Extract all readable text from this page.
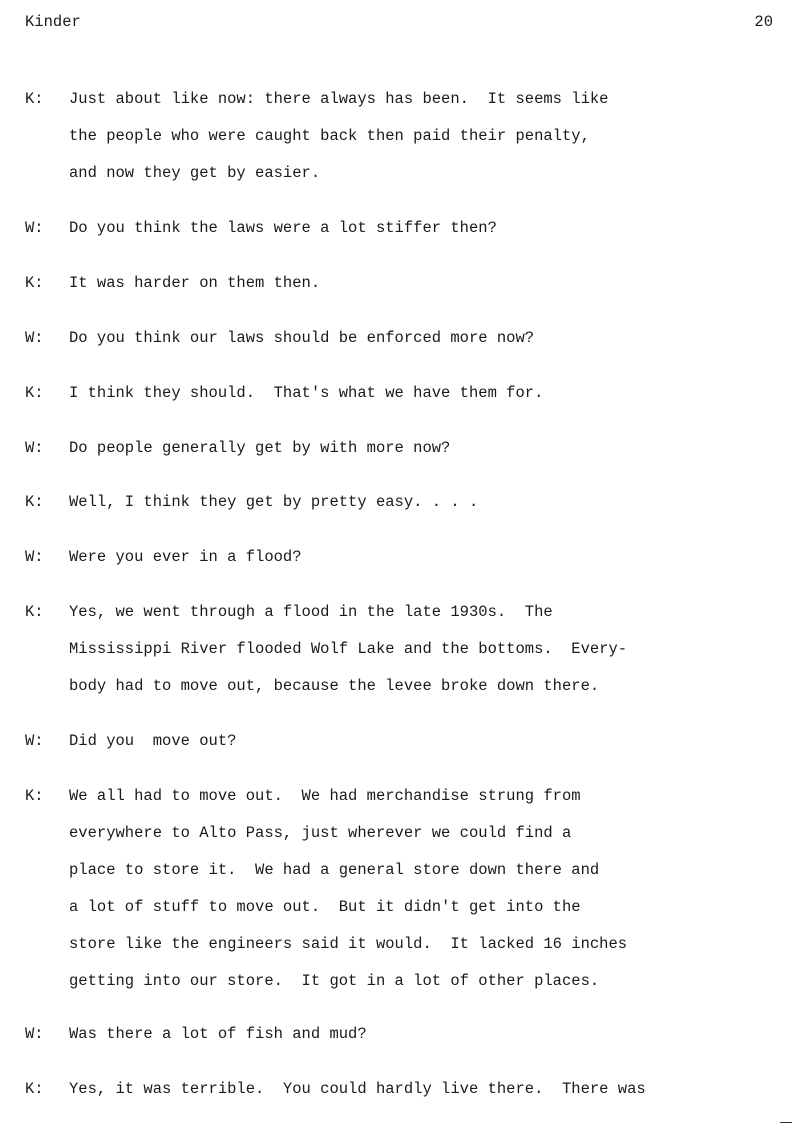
Kinder	20
K:	Just about like now: there always has been.  It seems like
the people who were caught back then paid their penalty,
and now they get by easier.
W:	Do you think the laws were a lot stiffer then?
K:	It was harder on them then.
W:	Do you think our laws should be enforced more now?
K:	I think they should.  That's what we have them for.
W:	Do people generally get by with more now?
K:	Well, I think they get by pretty easy. . . .
W:	Were you ever in a flood?
K:	Yes, we went through a flood in the late 1930s.  The
Mississippi River flooded Wolf Lake and the bottoms.  Every-
body had to move out, because the levee broke down there.
W:	Did you  move out?
K:	We all had to move out.  We had merchandise strung from
everywhere to Alto Pass, just wherever we could find a
place to store it.  We had a general store down there and
a lot of stuff to move out.  But it didn't get into the
store like the engineers said it would.  It lacked 16 inches
getting into our store.  It got in a lot of other places.
W:	Was there a lot of fish and mud?
K:	Yes, it was terrible.  You could hardly live there.  There was
